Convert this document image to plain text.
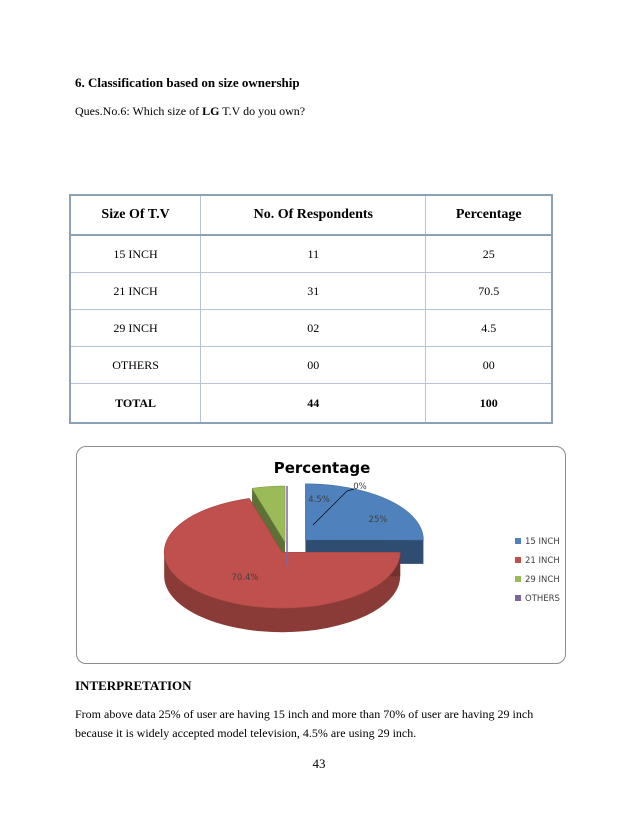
6. Classification based on size ownership
Ques.No.6: Which size of LG T.V do you own?
Size Of T.V	No. Of Respondents	Percentage
15 INCH	11	25
21 INCH	31	70.5
29 INCH	02	4.5
OTHERS	00	00
TOTAL	44	100
Percentage
25%
70.4%
4.5%
0%
15 INCH
21 INCH
29 INCH
OTHERS
INTERPRETATION
From above data 25% of user are having 15 inch and more than 70% of user are having 29 inch because it is widely accepted model television, 4.5% are using 29 inch.
43
